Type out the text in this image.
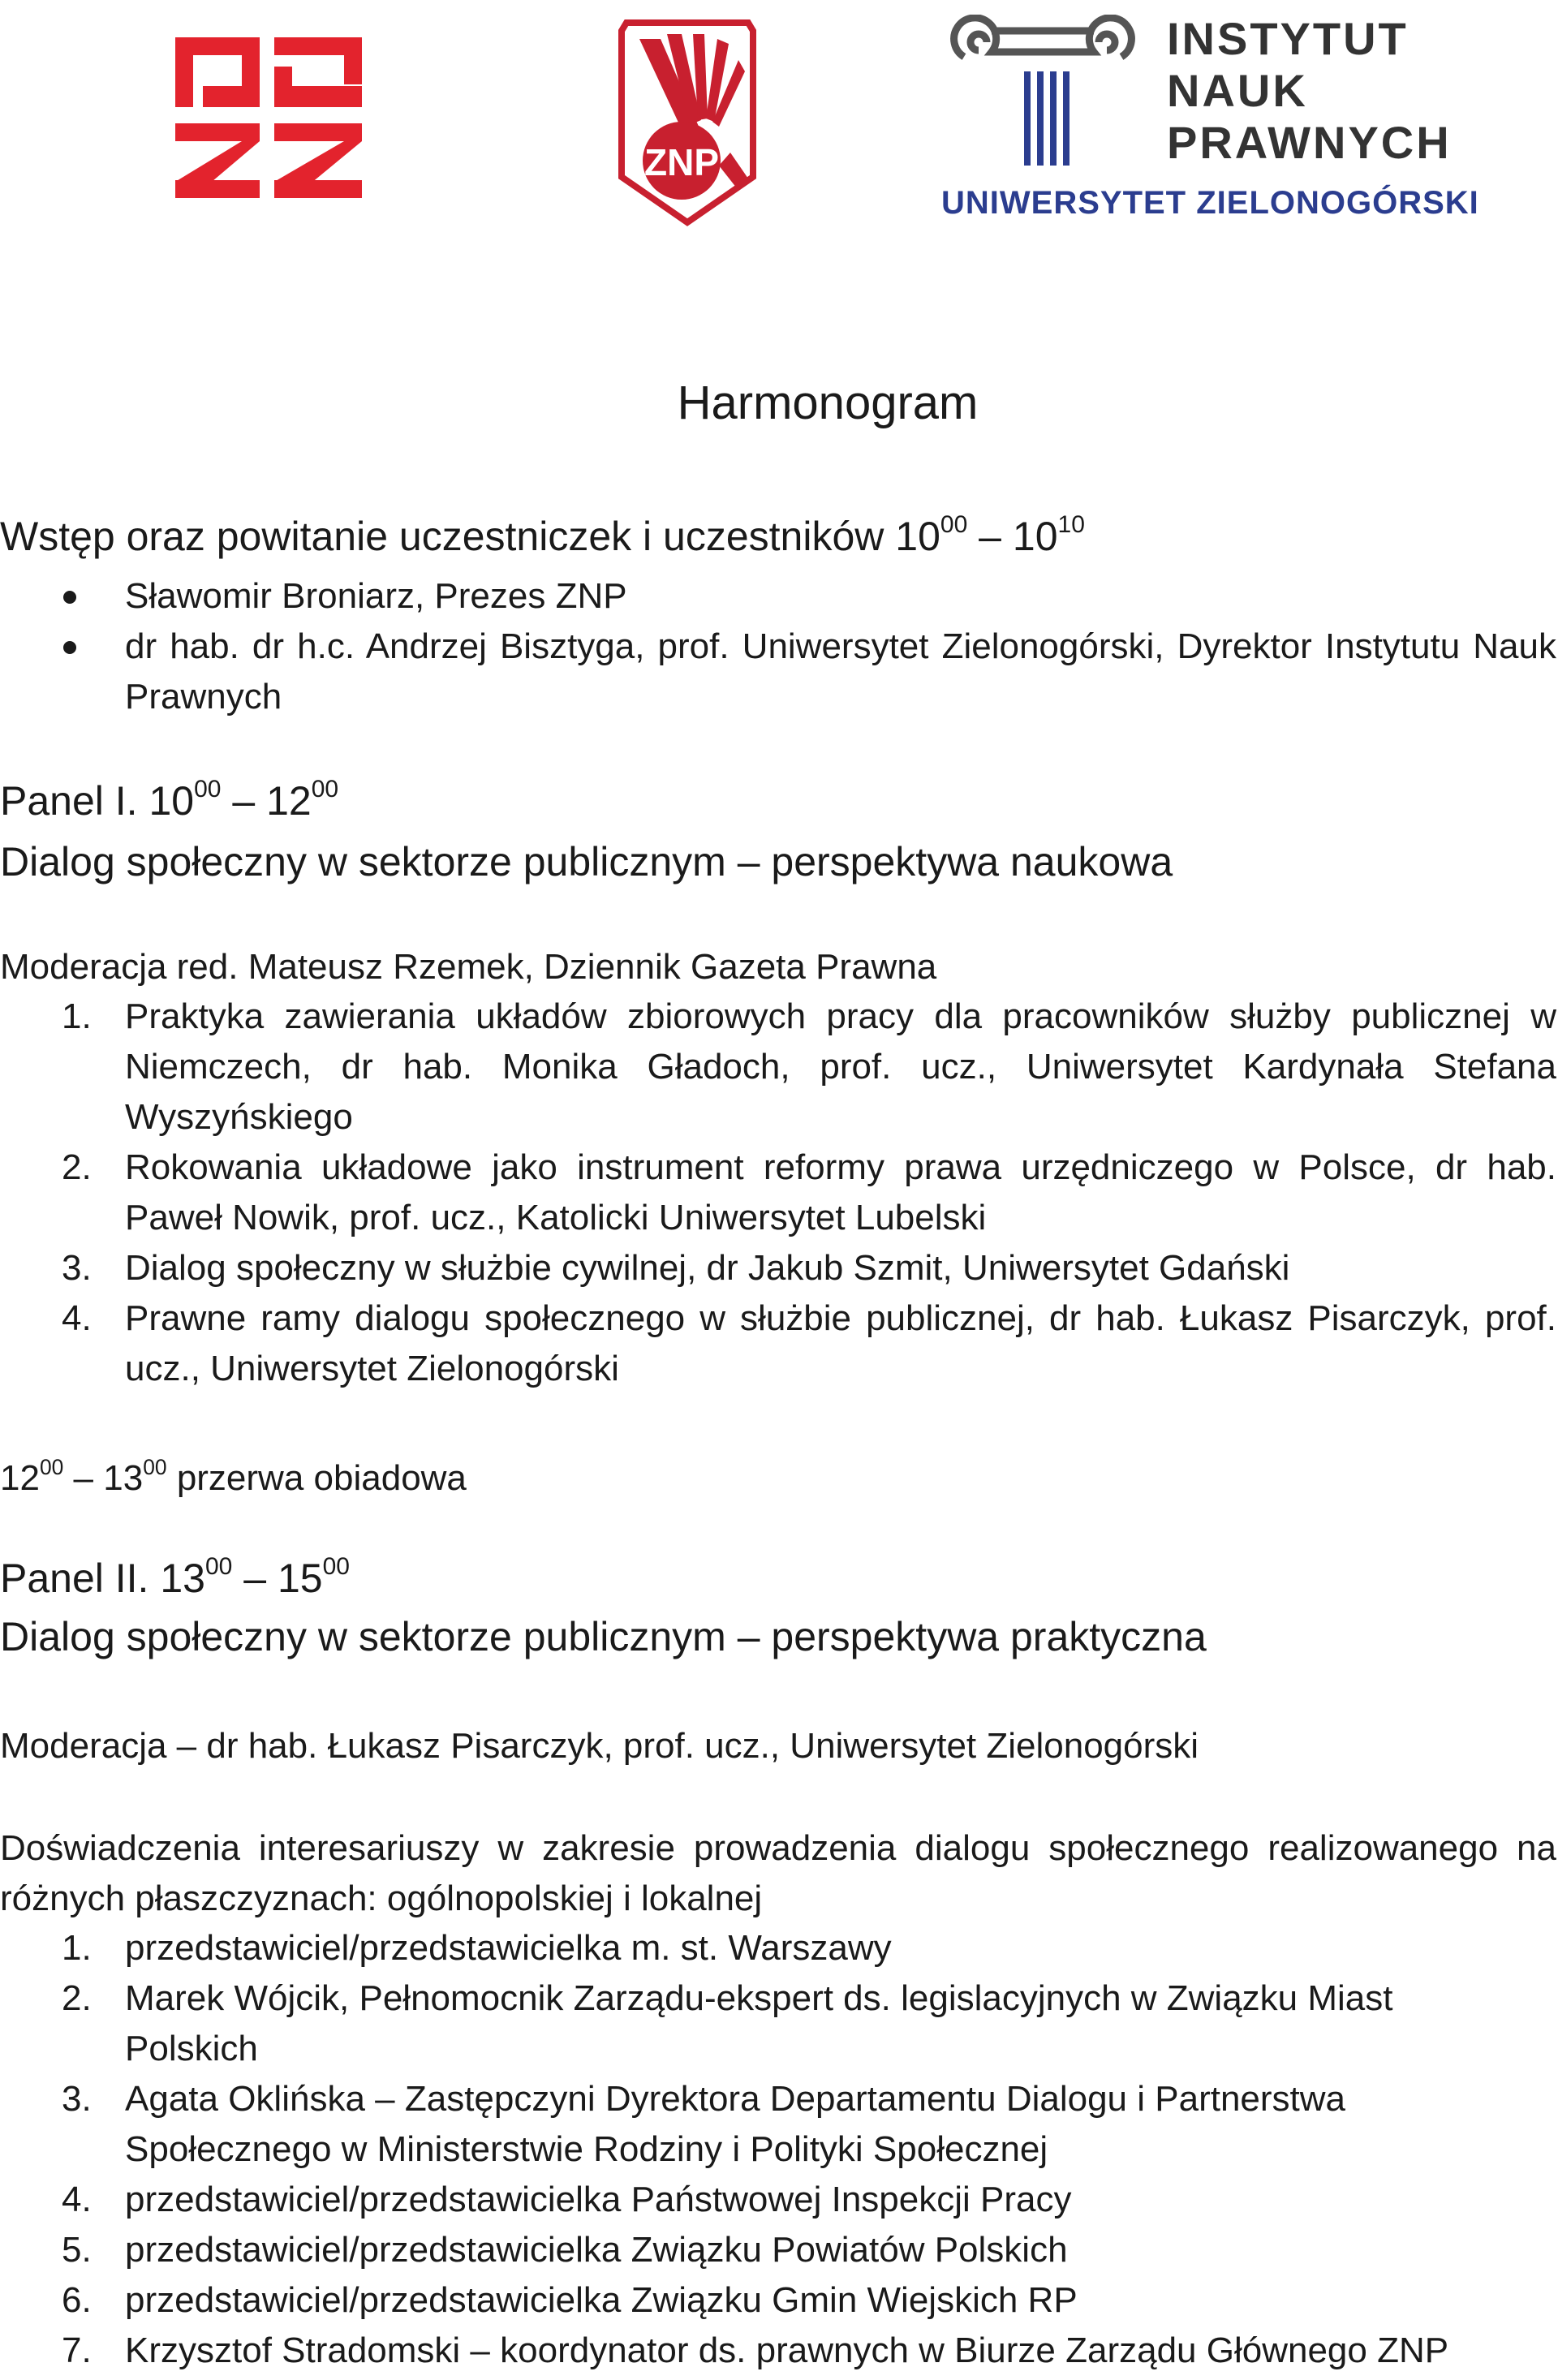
ZNP
INSTYTUT
NAUK
PRAWNYCH
UNIWERSYTET ZIELONOGÓRSKI
Harmonogram
Wstęp oraz powitanie uczestniczek i uczestników $10^{00} - 10^{10}$
Sławomir Broniarz, Prezes ZNP
dr hab. dr h.c. Andrzej Bisztyga, prof. Uniwersytet Zielonogórski, Dyrektor Instytutu Nauk Prawnych
Panel I. $10^{00} - 12^{00}$
Dialog społeczny w sektorze publicznym – perspektywa naukowa

Moderacja red. Mateusz Rzemek, Dziennik Gazeta Prawna

1. Praktyka zawierania układów zbiorowych pracy dla pracowników służby publicznej w Niemczech, dr hab. Monika Gładoch, prof. ucz., Uniwersytet Kardynała Stefana Wyszyńskiego
2. Rokowania układowe jako instrument reformy prawa urzędniczego w Polsce, dr hab. Paweł Nowik, prof. ucz., Katolicki Uniwersytet Lubelski
3. Dialog społeczny w służbie cywilnej, dr Jakub Szmit, Uniwersytet Gdański
4. Prawne ramy dialogu społecznego w służbie publicznej, dr hab. Łukasz Pisarczyk, prof. ucz., Uniwersytet Zielonogórski

$12^{00} - 13^{00}$ przerwa obiadowa

Panel II. $13^{00} - 15^{00}$
Dialog społeczny w sektorze publicznym – perspektywa praktyczna

Moderacja – dr hab. Łukasz Pisarczyk, prof. ucz., Uniwersytet Zielonogórski

Doświadczenia interesariuszy w zakresie prowadzenia dialogu społecznego realizowanego na różnych płaszczyznach: ogólnopolskiej i lokalnej

1. przedstawiciel/przedstawicielka m. st. Warszawy
2. Marek Wójcik, Pełnomocnik Zarządu-ekspert ds. legislacyjnych w Związku Miast Polskich
3. Agata Oklińska – Zastępczyni Dyrektora Departamentu Dialogu i Partnerstwa Społecznego w Ministerstwie Rodziny i Polityki Społecznej
4. przedstawiciel/przedstawicielka Państwowej Inspekcji Pracy
5. przedstawiciel/przedstawicielka Związku Powiatów Polskich
6. przedstawiciel/przedstawicielka Związku Gmin Wiejskich RP
7. Krzysztof Stradomski – koordynator ds. prawnych w Biurze Zarządu Głównego ZNP
